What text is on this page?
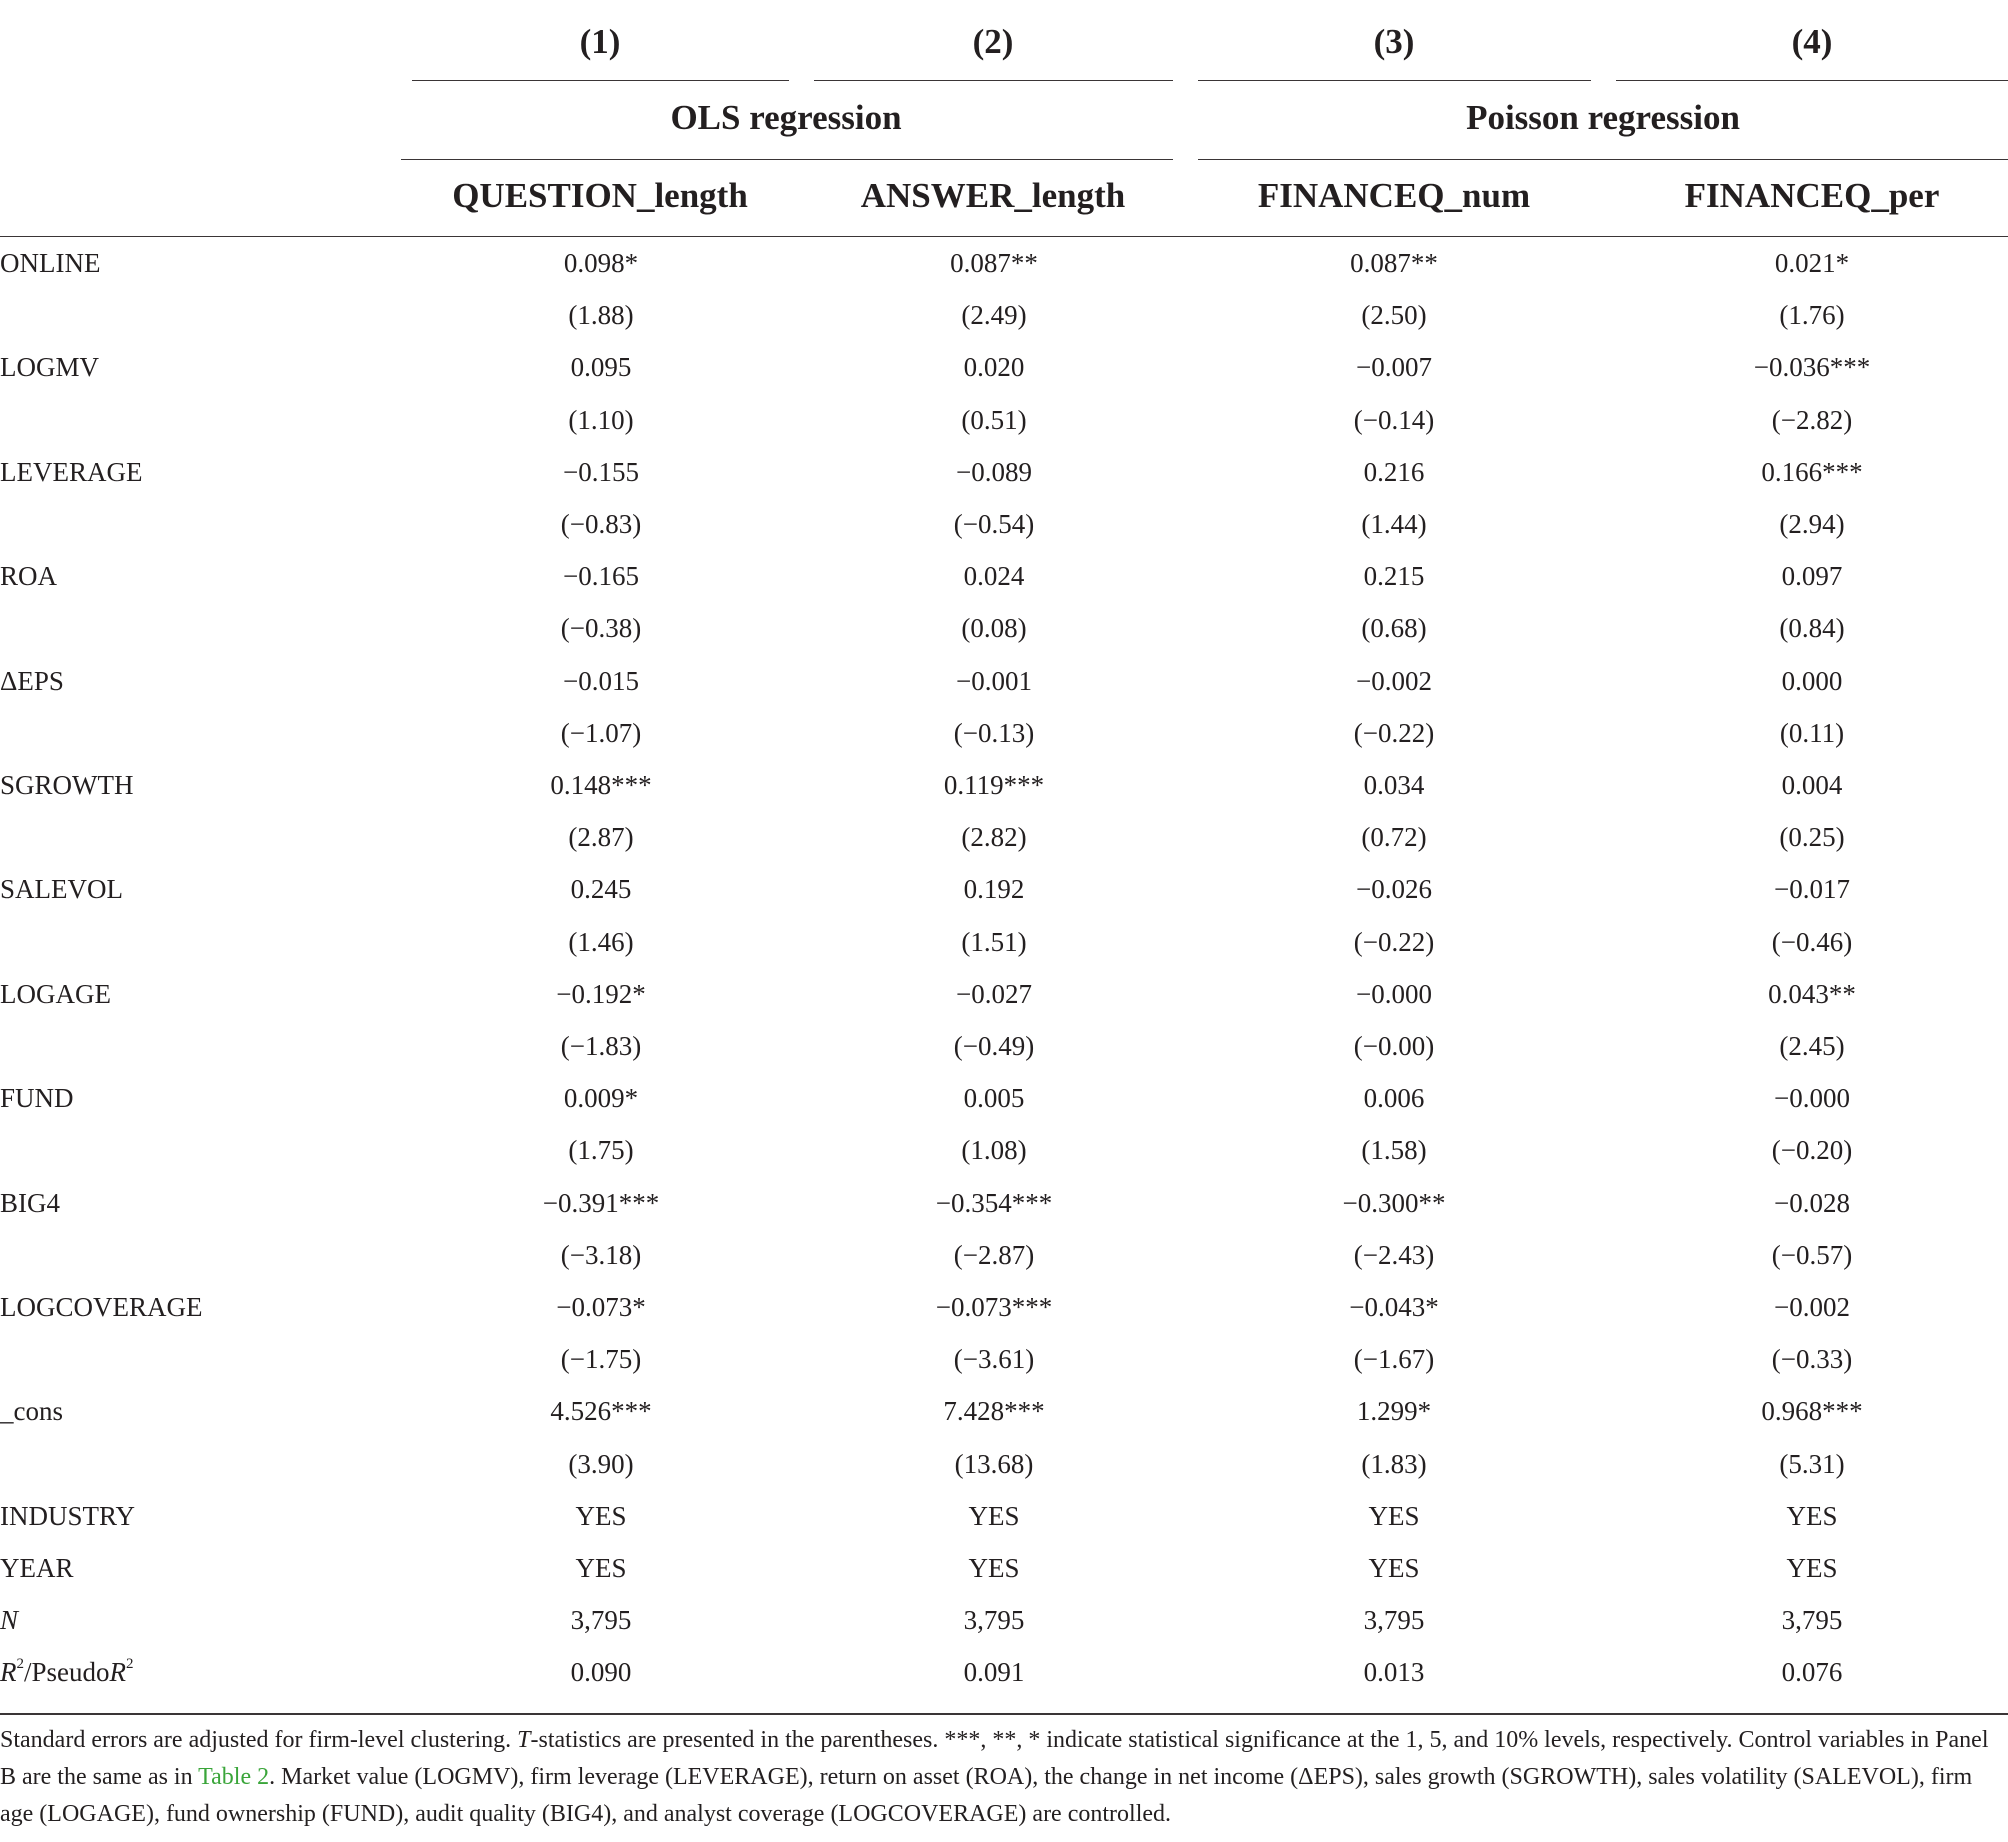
(1)	(2)	(3)	(4)
OLS regression	Poisson regression
QUESTION_length	ANSWER_length	FINANCEQ_num	FINANCEQ_per
ONLINE	0.098*	0.087**	0.087**	0.021*
(1.88)	(2.49)	(2.50)	(1.76)
LOGMV	0.095	0.020	−0.007	−0.036***
(1.10)	(0.51)	(−0.14)	(−2.82)
LEVERAGE	−0.155	−0.089	0.216	0.166***
(−0.83)	(−0.54)	(1.44)	(2.94)
ROA	−0.165	0.024	0.215	0.097
(−0.38)	(0.08)	(0.68)	(0.84)
ΔEPS	−0.015	−0.001	−0.002	0.000
(−1.07)	(−0.13)	(−0.22)	(0.11)
SGROWTH	0.148***	0.119***	0.034	0.004
(2.87)	(2.82)	(0.72)	(0.25)
SALEVOL	0.245	0.192	−0.026	−0.017
(1.46)	(1.51)	(−0.22)	(−0.46)
LOGAGE	−0.192*	−0.027	−0.000	0.043**
(−1.83)	(−0.49)	(−0.00)	(2.45)
FUND	0.009*	0.005	0.006	−0.000
(1.75)	(1.08)	(1.58)	(−0.20)
BIG4	−0.391***	−0.354***	−0.300**	−0.028
(−3.18)	(−2.87)	(−2.43)	(−0.57)
LOGCOVERAGE	−0.073*	−0.073***	−0.043*	−0.002
(−1.75)	(−3.61)	(−1.67)	(−0.33)
_cons	4.526***	7.428***	1.299*	0.968***
(3.90)	(13.68)	(1.83)	(5.31)
INDUSTRY	YES	YES	YES	YES
YEAR	YES	YES	YES	YES
N	3,795	3,795	3,795	3,795
$R^2/PseudoR^2$	0.090	0.091	0.013	0.076
Standard errors are adjusted for firm-level clustering. T-statistics are presented in the parentheses. ***, **, * indicate statistical significance at the 1, 5, and 10% levels, respectively. Control variables in Panel B are the same as in Table 2. Market value (LOGMV), firm leverage (LEVERAGE), return on asset (ROA), the change in net income (ΔEPS), sales growth (SGROWTH), sales volatility (SALEVOL), firm age (LOGAGE), fund ownership (FUND), audit quality (BIG4), and analyst coverage (LOGCOVERAGE) are controlled.
